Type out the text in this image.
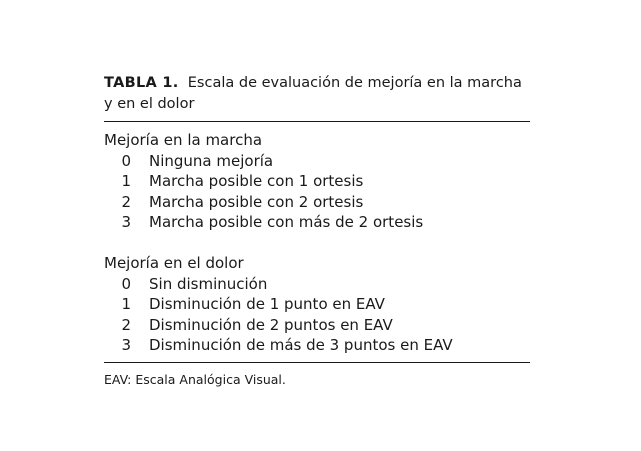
TABLA 1. Escala de evaluación de mejoría en la marcha
y en el dolor

Mejoría en la marcha

0	Ninguna mejoría
1	Marcha posible con 1 ortesis
2	Marcha posible con 2 ortesis
3	Marcha posible con más de 2 ortesis

Mejoría en el dolor

0	Sin disminución
1	Disminución de 1 punto en EAV
2	Disminución de 2 puntos en EAV
3	Disminución de más de 3 puntos en EAV

EAV: Escala Analógica Visual.
